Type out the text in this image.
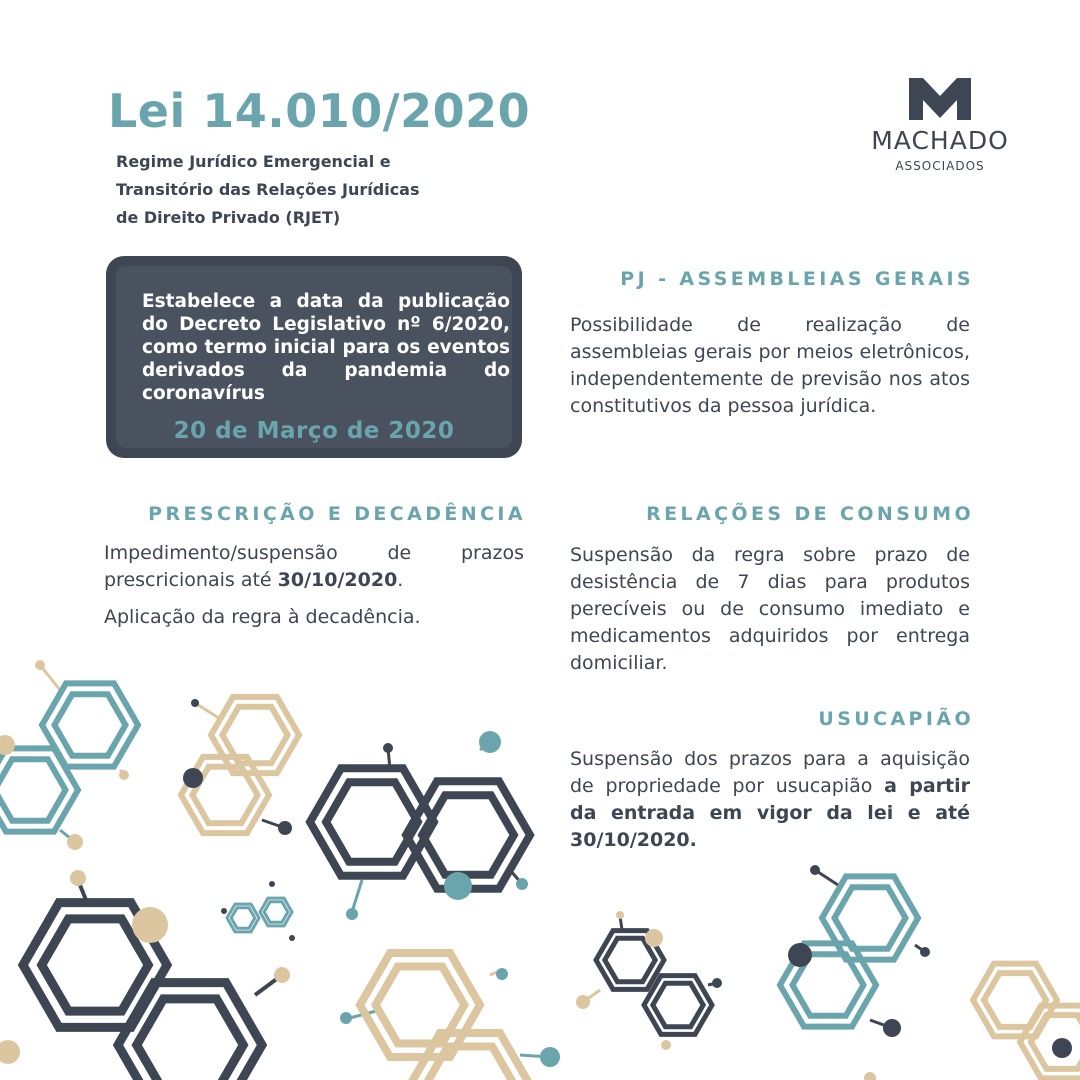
Lei 14.010/2020

Regime Jurídico Emergencial e
Transitório das Relações Jurídicas
de Direito Privado (RJET)

MACHADO
ASSOCIADOS

Estabelece a data da publicação do Decreto Legislativo nº 6/2020, como termo inicial para os eventos derivados da pandemia do coronavírus

20 de Março de 2020
PJ - ASSEMBLEIAS GERAIS

Possibilidade de realização de assembleias gerais por meios eletrônicos, independentemente de previsão nos atos constitutivos da pessoa jurídica.

PRESCRIÇÃO E DECADÊNCIA

Impedimento/suspensão de prazos prescricionais até 30/10/2020.

Aplicação da regra à decadência.

RELAÇÕES DE CONSUMO

Suspensão da regra sobre prazo de desistência de 7 dias para produtos perecíveis ou de consumo imediato e medicamentos adquiridos por entrega domiciliar.

USUCAPIÃO

Suspensão dos prazos para a aquisição de propriedade por usucapião a partir da entrada em vigor da lei e até 30/10/2020.
